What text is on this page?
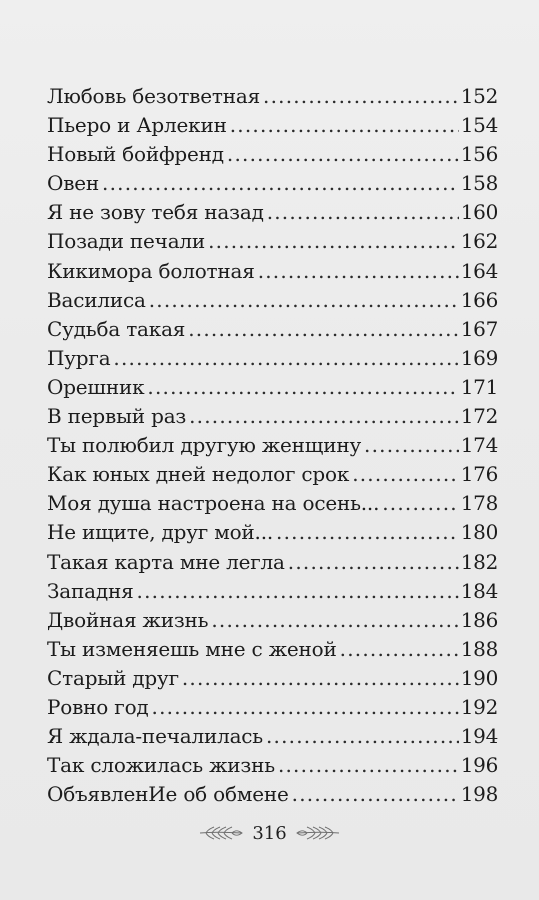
Любовь безответная .....	152
Пьеро и Арлекин .....	154
Новый бойфренд .....	156
Овен .....	158
Я не зову тебя назад .....	160
Позади печали .....	162
Кикимора болотная .....	164
Василиса .....	166
Судьба такая .....	167
Пурга .....	169
Орешник .....	171
В первый раз .....	172
Ты полюбил другую женщину .....	174
Как юных дней недолог срок .....	176
Моя душа настроена на осень... .....	178
Не ищите, друг мой... .....	180
Такая карта мне легла .....	182
Западня .....	184
Двойная жизнь .....	186
Ты изменяешь мне с женой .....	188
Старый друг .....	190
Ровно год .....	192
Я ждала-печалилась .....	194
Так сложилась жизнь .....	196
ОбъявленИе об обмене .....	198
316
